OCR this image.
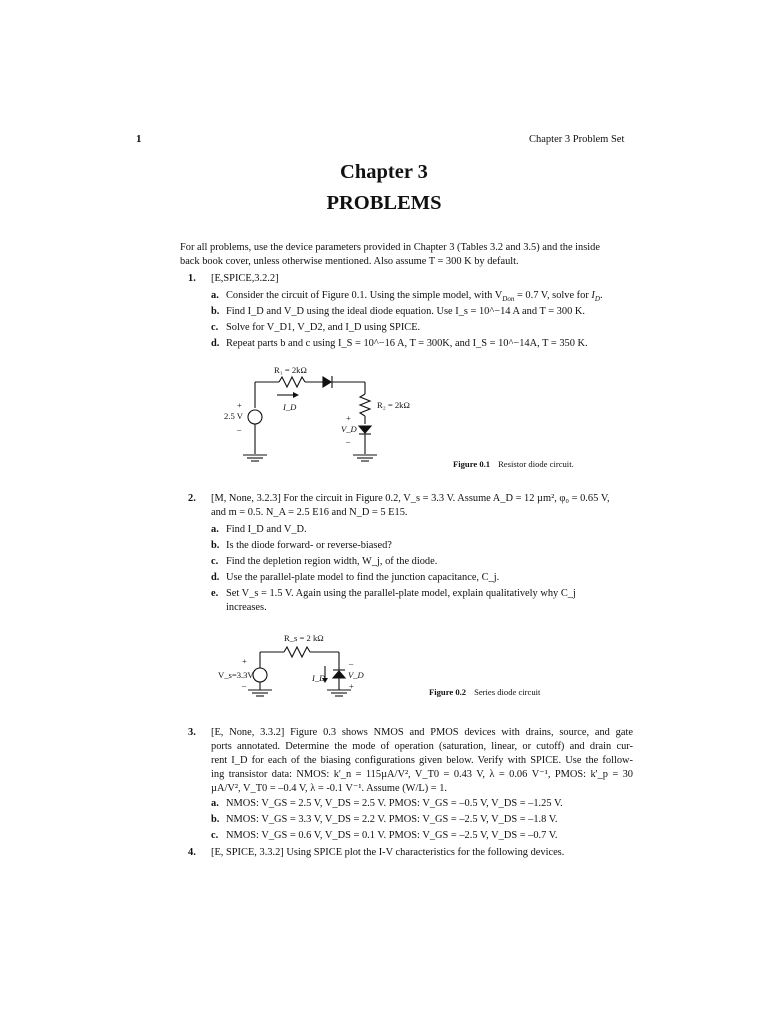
1	Chapter 3 Problem Set
Chapter 3
PROBLEMS
For all problems, use the device parameters provided in Chapter 3 (Tables 3.2 and 3.5) and the inside
back book cover, unless otherwise mentioned. Also assume T = 300 K by default.
1. [E,SPICE,3.2.2]
a. Consider the circuit of Figure 0.1. Using the simple model, with $V_{Don} = 0.7$ V, solve for $I_D$.
b. Find I_D and V_D using the ideal diode equation. Use I_s = 10^−14 A and T = 300 K.
c. Solve for V_D1, V_D2, and I_D using SPICE.
d. Repeat parts b and c using I_S = 10^−16 A, T = 300K, and I_S = 10^−14A, T = 350 K.
R₁ = 2kΩ
R₂ = 2kΩ
2.5 V
+
–
I_D
+
V_D
–
Figure 0.1 Resistor diode circuit.
2. [M, None, 3.2.3] For the circuit in Figure 0.2, V_s = 3.3 V. Assume A_D = 12 µm², φ₀ = 0.65 V,
and m = 0.5. N_A = 2.5 E16 and N_D = 5 E15.
a. Find I_D and V_D.
b. Is the diode forward- or reverse-biased?
c. Find the depletion region width, W_j, of the diode.
d. Use the parallel-plate model to find the junction capacitance, C_j.
e. Set V_s = 1.5 V. Again using the parallel-plate model, explain qualitatively why C_j
increases.
R_s = 2 kΩ
V_s=3.3V
+
–
I_D
–
V_D
+
Figure 0.2 Series diode circuit
3. [E, None, 3.3.2] Figure 0.3 shows NMOS and PMOS devices with drains, source, and gate
ports annotated. Determine the mode of operation (saturation, linear, or cutoff) and drain cur-
rent I_D for each of the biasing configurations given below. Verify with SPICE. Use the follow-
ing transistor data: NMOS: k'_n = 115µA/V², V_T0 = 0.43 V, λ = 0.06 V⁻¹, PMOS: k'_p = 30
µA/V², V_T0 = –0.4 V, λ = -0.1 V⁻¹. Assume (W/L) = 1.
a. NMOS: V_GS = 2.5 V, V_DS = 2.5 V. PMOS: V_GS = –0.5 V, V_DS = –1.25 V.
b. NMOS: V_GS = 3.3 V, V_DS = 2.2 V. PMOS: V_GS = –2.5 V, V_DS = –1.8 V.
c. NMOS: V_GS = 0.6 V, V_DS = 0.1 V. PMOS: V_GS = –2.5 V, V_DS = –0.7 V.
4. [E, SPICE, 3.3.2] Using SPICE plot the I-V characteristics for the following devices.
